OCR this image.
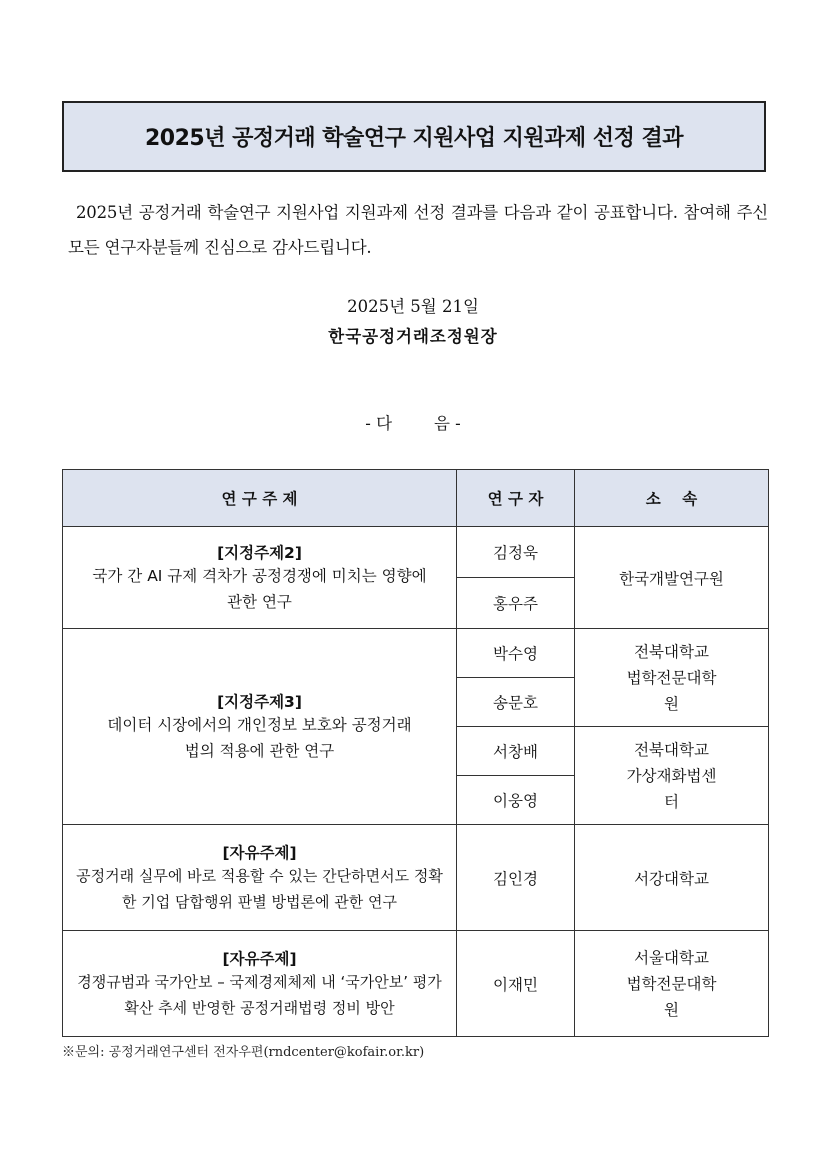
2025년 공정거래 학술연구 지원사업 지원과제 선정 결과
2025년 공정거래 학술연구 지원사업 지원과제 선정 결과를 다음과 같이 공표합니다. 참여해 주신 모든 연구자분들께 진심으로 감사드립니다.
2025년 5월 21일
한국공정거래조정원장
- 다        음 -
연 구 주 제	연 구 자	소    속

[지정주제2]
국가 간 AI 규제 격차가 공정경쟁에 미치는 영향에 관한 연구	김정욱	한국개발연구원
	홍우주	

[지정주제3]
데이터 시장에서의 개인정보 보호와 공정거래법의 적용에 관한 연구	박수영	전북대학교 법학전문대학원
	송문호	
	서창배	전북대학교 가상재화법센터
	이웅영	

[자유주제]
공정거래 실무에 바로 적용할 수 있는 간단하면서도 정확한 기업 담합행위 판별 방법론에 관한 연구	김인경	서강대학교

[자유주제]
경쟁규범과 국가안보 – 국제경제체제 내 ‘국가안보’ 평가 확산 추세 반영한 공정거래법령 정비 방안	이재민	서울대학교 법학전문대학원
※문의: 공정거래연구센터 전자우편(rndcenter@kofair.or.kr)
